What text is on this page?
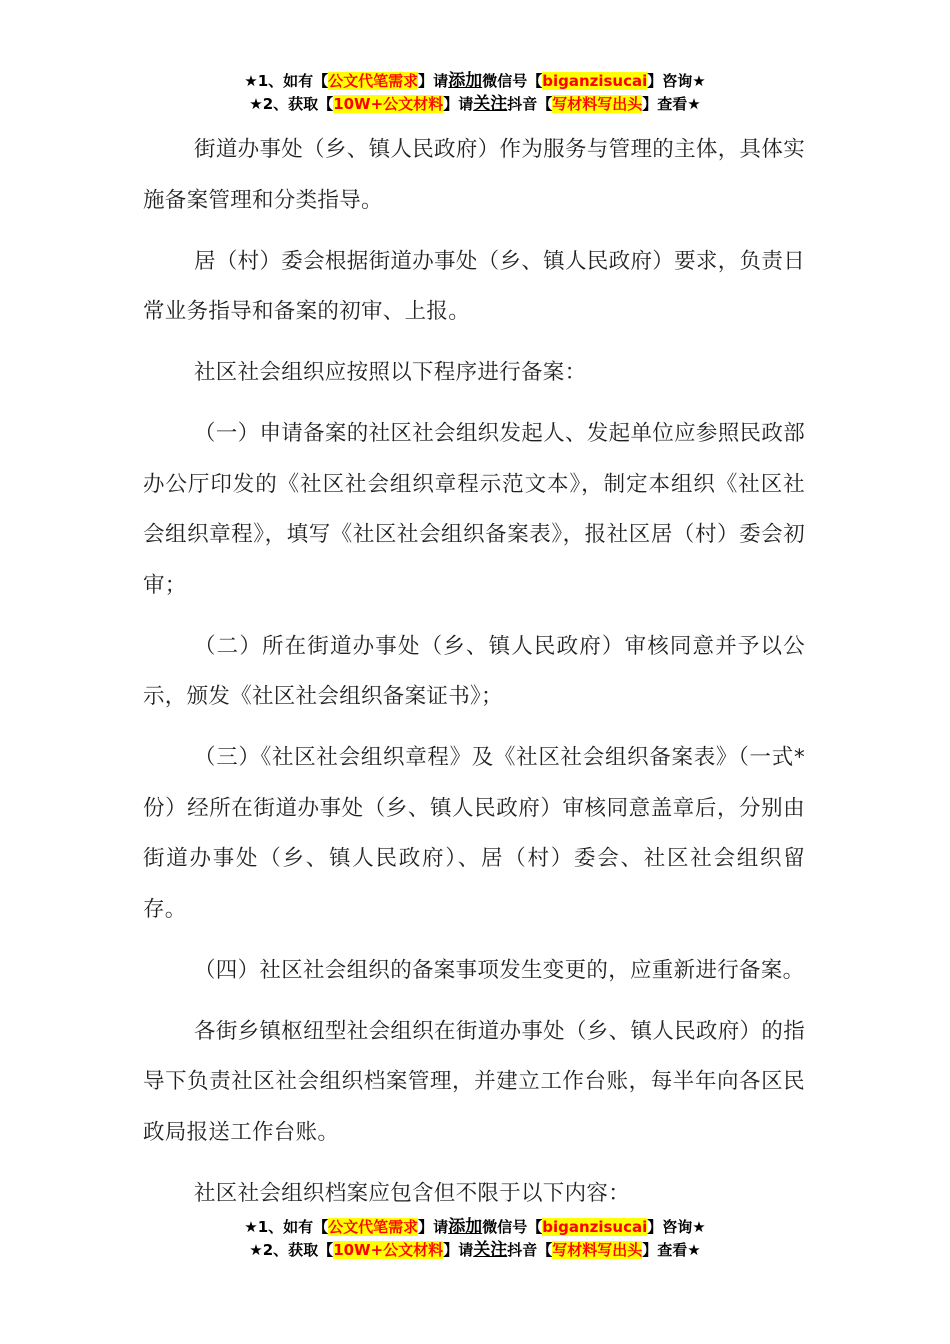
★1、如有【公文代笔需求】请添加微信号【biganzisucai】咨询★
★2、获取【10W+公文材料】请关注抖音【写材料写出头】查看★

街道办事处（乡、镇人民政府）作为服务与管理的主体，具体实施备案管理和分类指导。

居（村）委会根据街道办事处（乡、镇人民政府）要求，负责日常业务指导和备案的初审、上报。

社区社会组织应按照以下程序进行备案：

（一）申请备案的社区社会组织发起人、发起单位应参照民政部办公厅印发的《社区社会组织章程示范文本》，制定本组织《社区社会组织章程》，填写《社区社会组织备案表》，报社区居（村）委会初审；

（二）所在街道办事处（乡、镇人民政府）审核同意并予以公示，颁发《社区社会组织备案证书》；

（三）《社区社会组织章程》及《社区社会组织备案表》（一式*份）经所在街道办事处（乡、镇人民政府）审核同意盖章后，分别由街道办事处（乡、镇人民政府）、居（村）委会、社区社会组织留存。

（四）社区社会组织的备案事项发生变更的，应重新进行备案。

各街乡镇枢纽型社会组织在街道办事处（乡、镇人民政府）的指导下负责社区社会组织档案管理，并建立工作台账，每半年向各区民政局报送工作台账。

社区社会组织档案应包含但不限于以下内容：

★1、如有【公文代笔需求】请添加微信号【biganzisucai】咨询★
★2、获取【10W+公文材料】请关注抖音【写材料写出头】查看★
